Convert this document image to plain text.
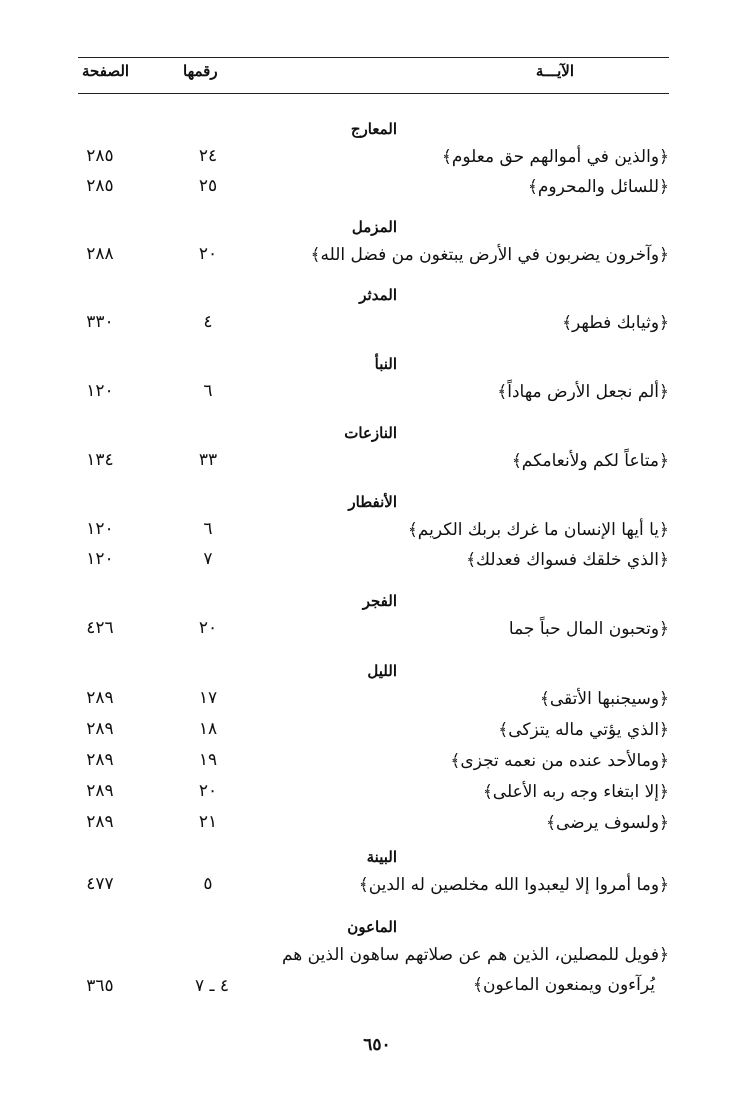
الآيـــة
رقمها
الصفحة
المعارج
﴿والذين في أموالهم حق معلوم﴾
٢٤
٢٨٥
﴿للسائل والمحروم﴾
٢٥
٢٨٥
المزمل
﴿وآخرون يضربون في الأرض يبتغون من فضل الله﴾
٢٠
٢٨٨
المدثر
﴿وثيابك فطهر﴾
٤
٣٣٠
النبأ
﴿ألم نجعل الأرض مهاداً﴾
٦
١٢٠
النازعات
﴿متاعاً لكم ولأنعامكم﴾
٣٣
١٣٤
الأنفطار
﴿يا أيها الإنسان ما غرك بربك الكريم﴾
٦
١٢٠
﴿الذي خلقك فسواك فعدلك﴾
٧
١٢٠
الفجر
﴿وتحبون المال حباً جما
٢٠
٤٢٦
الليل
﴿وسيجنبها الأتقى﴾
١٧
٢٨٩
﴿الذي يؤتي ماله يتزكى﴾
١٨
٢٨٩
﴿ومالأحد عنده من نعمه تجزى﴾
١٩
٢٨٩
﴿إلا ابتغاء وجه ربه الأعلى﴾
٢٠
٢٨٩
﴿ولسوف يرضى﴾
٢١
٢٨٩
البينة
﴿وما أمروا إلا ليعبدوا الله مخلصين له الدين﴾
٥
٤٧٧
الماعون
﴿فويل للمصلين، الذين هم عن صلاتهم ساهون الذين هم
يُرآءون ويمنعون الماعون﴾
٤ ـ ٧
٣٦٥
٦٥٠
